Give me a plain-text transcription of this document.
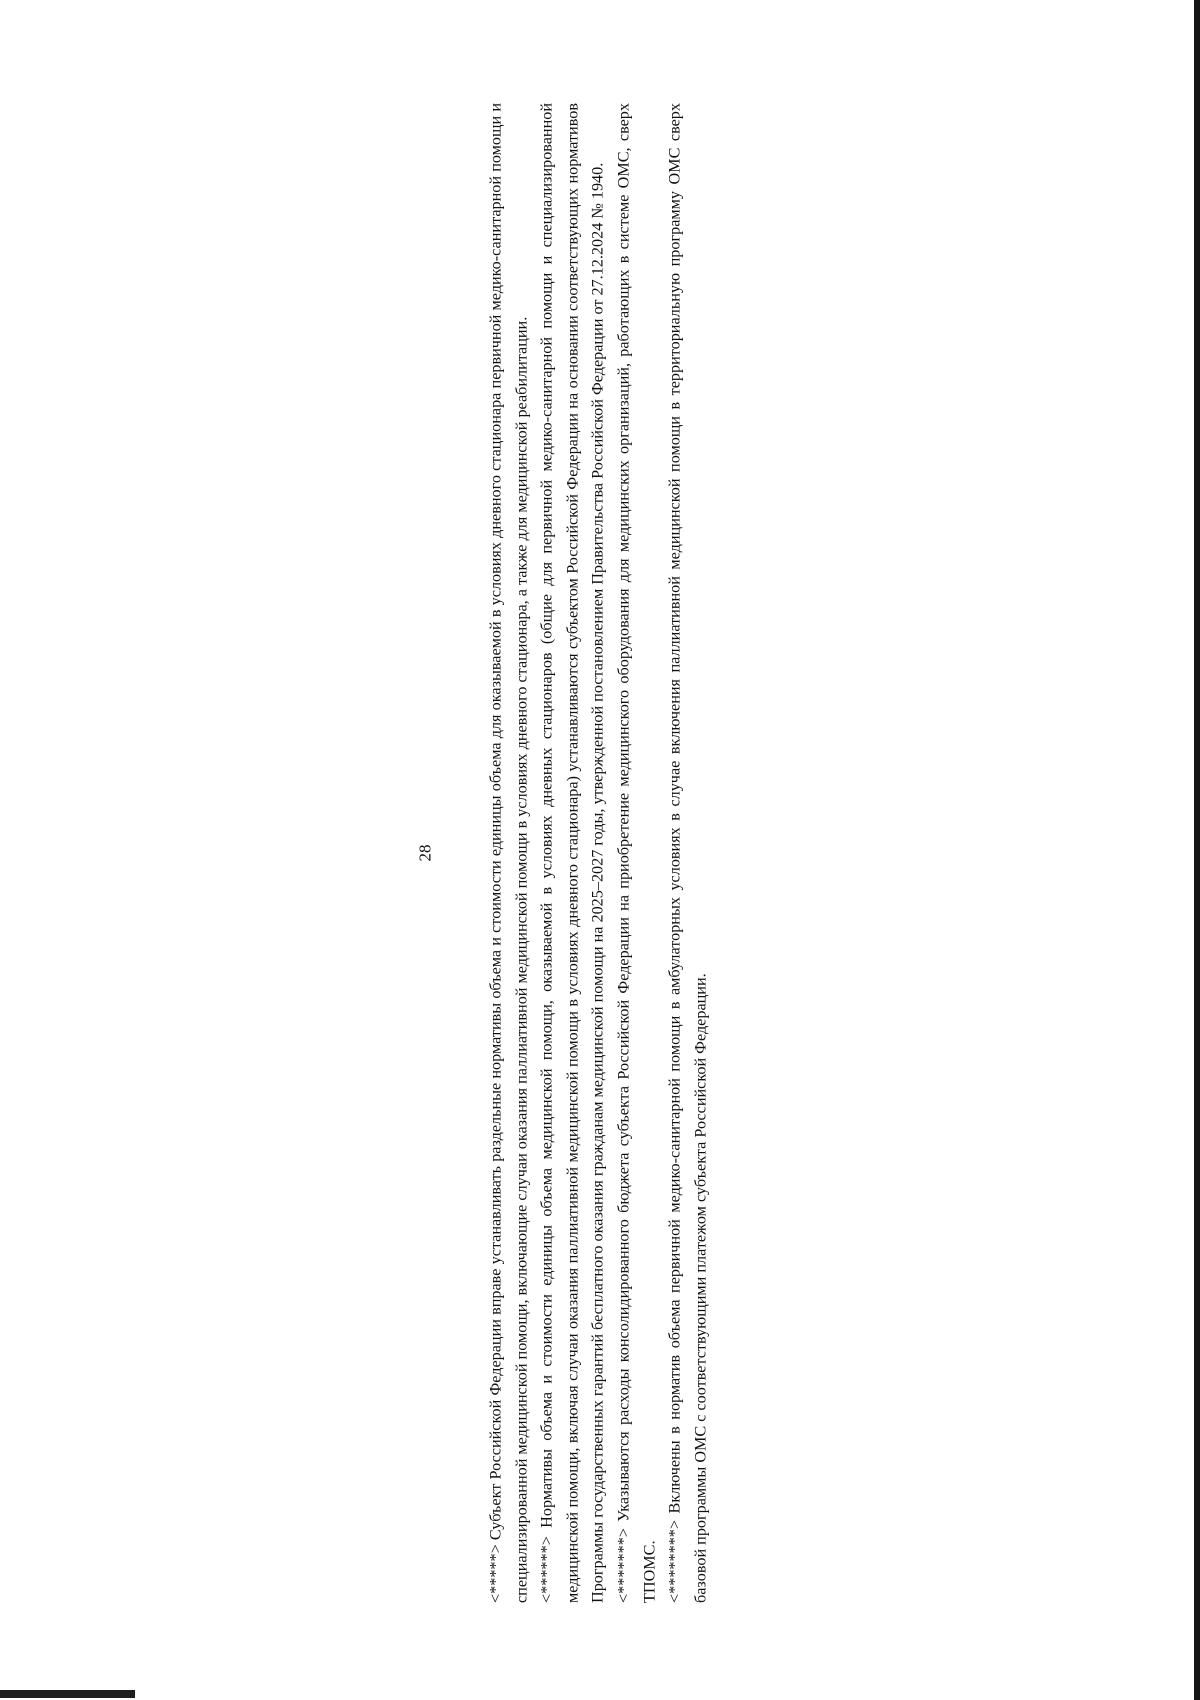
28	<*****> Субъект Российской Федерации вправе устанавливать раздельные нормативы объема и стоимости единицы объема для оказываемой в условиях дневного стационара первичной медико-санитарной помощи и специализированной медицинской помощи, включающие случаи оказания паллиативной медицинской помощи в условиях дневного стационара, а также для медицинской реабилитации. <******> Нормативы объема и стоимости единицы объема медицинской помощи, оказываемой в условиях дневных стационаров (общие для первичной медико-санитарной помощи и специализированной медицинской помощи, включая случаи оказания паллиативной медицинской помощи в условиях дневного стационара) устанавливаются субъектом Российской Федерации на основании соответствующих нормативов Программы государственных гарантий бесплатного оказания гражданам медицинской помощи на 2025–2027 годы, утвержденной постановлением Правительства Российской Федерации от 27.12.2024 № 1940. <*******> Указываются расходы консолидированного бюджета субъекта Российской Федерации на приобретение медицинского оборудования для медицинских организаций, работающих в системе ОМС, сверх ТПОМС. <********> Включены в норматив объема первичной медико-санитарной помощи в амбулаторных условиях в случае включения паллиативной медицинской помощи в территориальную программу ОМС сверх базовой программы ОМС с соответствующими платежом субъекта Российской Федерации.
